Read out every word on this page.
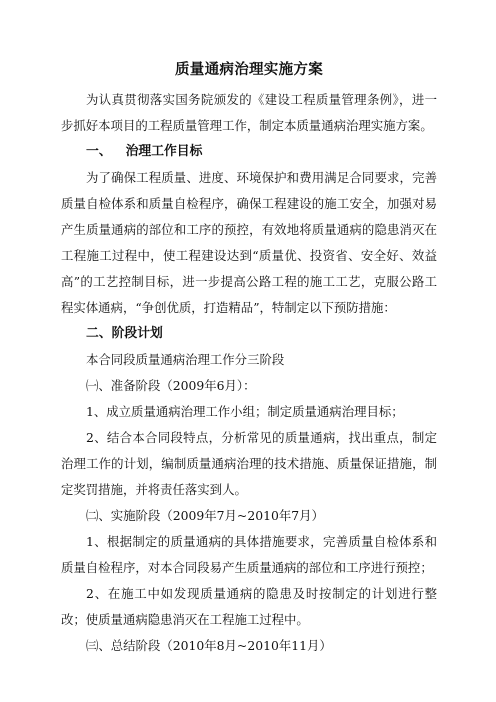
质量通病治理实施方案

为认真贯彻落实国务院颁发的《建设工程质量管理条例》，进一步抓好本项目的工程质量管理工作，制定本质量通病治理实施方案。

一、 治理工作目标

为了确保工程质量、进度、环境保护和费用满足合同要求，完善质量自检体系和质量自检程序，确保工程建设的施工安全，加强对易产生质量通病的部位和工序的预控，有效地将质量通病的隐患消灭在工程施工过程中，使工程建设达到“质量优、投资省、安全好、效益高”的工艺控制目标，进一步提高公路工程的施工工艺，克服公路工程实体通病，“争创优质，打造精品”，特制定以下预防措施：

二、阶段计划

本合同段质量通病治理工作分三阶段

㈠、准备阶段（2009年6月）：

1、成立质量通病治理工作小组；制定质量通病治理目标；

2、结合本合同段特点，分析常见的质量通病，找出重点，制定治理工作的计划，编制质量通病治理的技术措施、质量保证措施，制定奖罚措施，并将责任落实到人。

㈡、实施阶段（2009年7月~2010年7月）

1、根据制定的质量通病的具体措施要求，完善质量自检体系和质量自检程序，对本合同段易产生质量通病的部位和工序进行预控；

2、在施工中如发现质量通病的隐患及时按制定的计划进行整改；使质量通病隐患消灭在工程施工过程中。

㈢、总结阶段（2010年8月~2010年11月）
